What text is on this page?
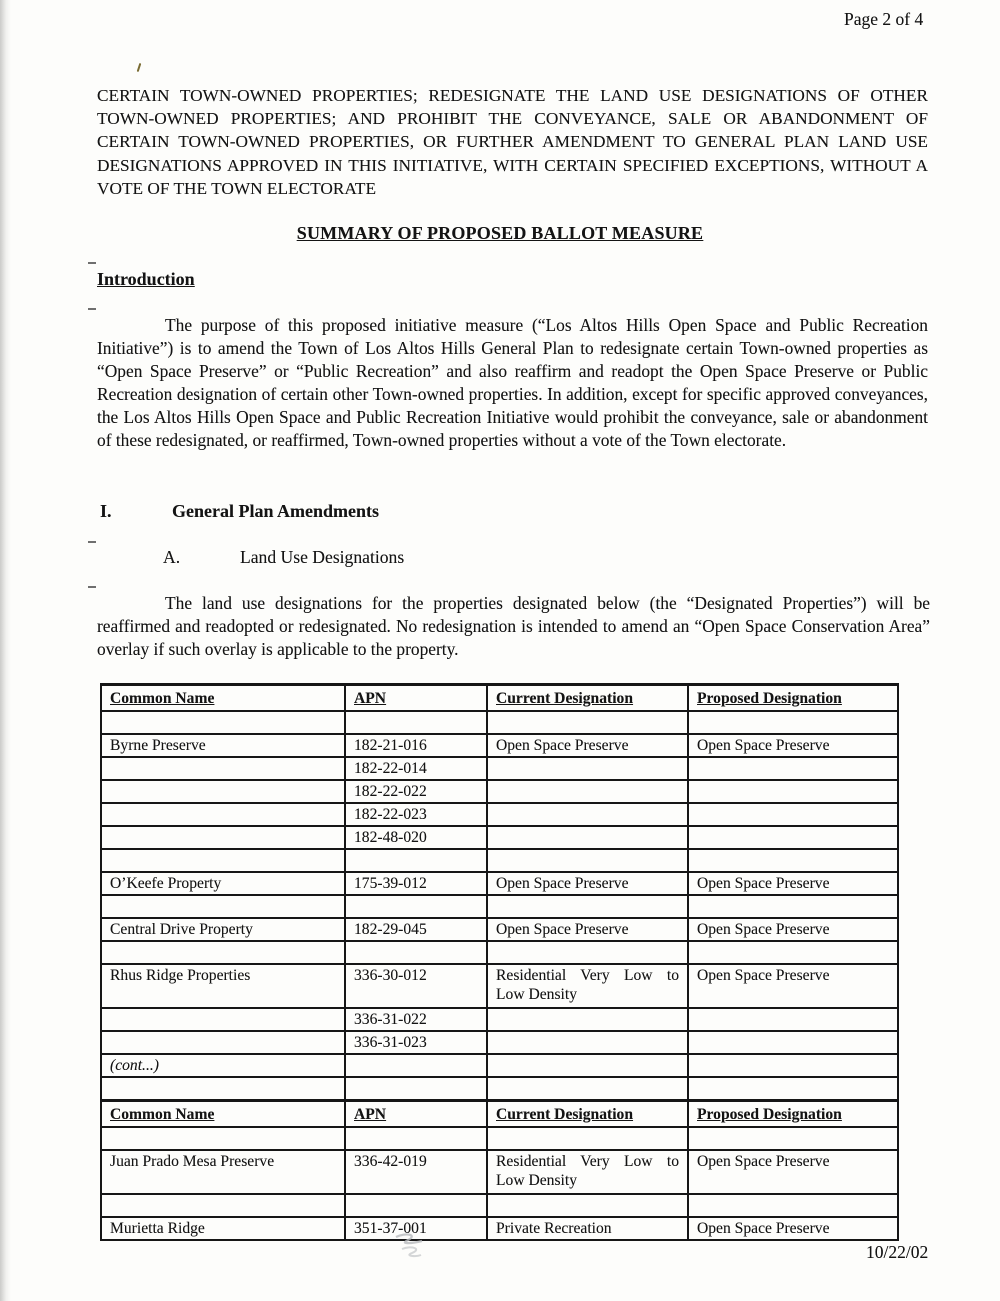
Page 2 of 4
CERTAIN TOWN-OWNED PROPERTIES; REDESIGNATE THE LAND USE DESIGNATIONS OF OTHER TOWN-OWNED PROPERTIES; AND PROHIBIT THE CONVEYANCE, SALE OR ABANDONMENT OF CERTAIN TOWN-OWNED PROPERTIES, OR FURTHER AMENDMENT TO GENERAL PLAN LAND USE DESIGNATIONS APPROVED IN THIS INITIATIVE, WITH CERTAIN SPECIFIED EXCEPTIONS, WITHOUT A VOTE OF THE TOWN ELECTORATE
SUMMARY OF PROPOSED BALLOT MEASURE
Introduction
The purpose of this proposed initiative measure (“Los Altos Hills Open Space and Public Recreation Initiative”) is to amend the Town of Los Altos Hills General Plan to redesignate certain Town-owned properties as “Open Space Preserve” or “Public Recreation” and also reaffirm and readopt the Open Space Preserve or Public Recreation designation of certain other Town-owned properties. In addition, except for specific approved conveyances, the Los Altos Hills Open Space and Public Recreation Initiative would prohibit the conveyance, sale or abandonment of these redesignated, or reaffirmed, Town-owned properties without a vote of the Town electorate.
I.	General Plan Amendments
A.	Land Use Designations
The land use designations for the properties designated below (the “Designated Properties”) will be reaffirmed and readopted or redesignated. No redesignation is intended to amend an “Open Space Conservation Area” overlay if such overlay is applicable to the property.
Common Name	APN	Current Designation	Proposed Designation

Byrne Preserve	182-21-016	Open Space Preserve	Open Space Preserve
	182-22-014		
	182-22-022		
	182-22-023		
	182-48-020		

O’Keefe Property	175-39-012	Open Space Preserve	Open Space Preserve

Central Drive Property	182-29-045	Open Space Preserve	Open Space Preserve

Rhus Ridge Properties	336-30-012	Residential Very Low to Low Density	Open Space Preserve
	336-31-022		
	336-31-023		
(cont...)			

Common Name	APN	Current Designation	Proposed Designation

Juan Prado Mesa Preserve	336-42-019	Residential Very Low to Low Density	Open Space Preserve

Murietta Ridge	351-37-001	Private Recreation	Open Space Preserve
10/22/02
